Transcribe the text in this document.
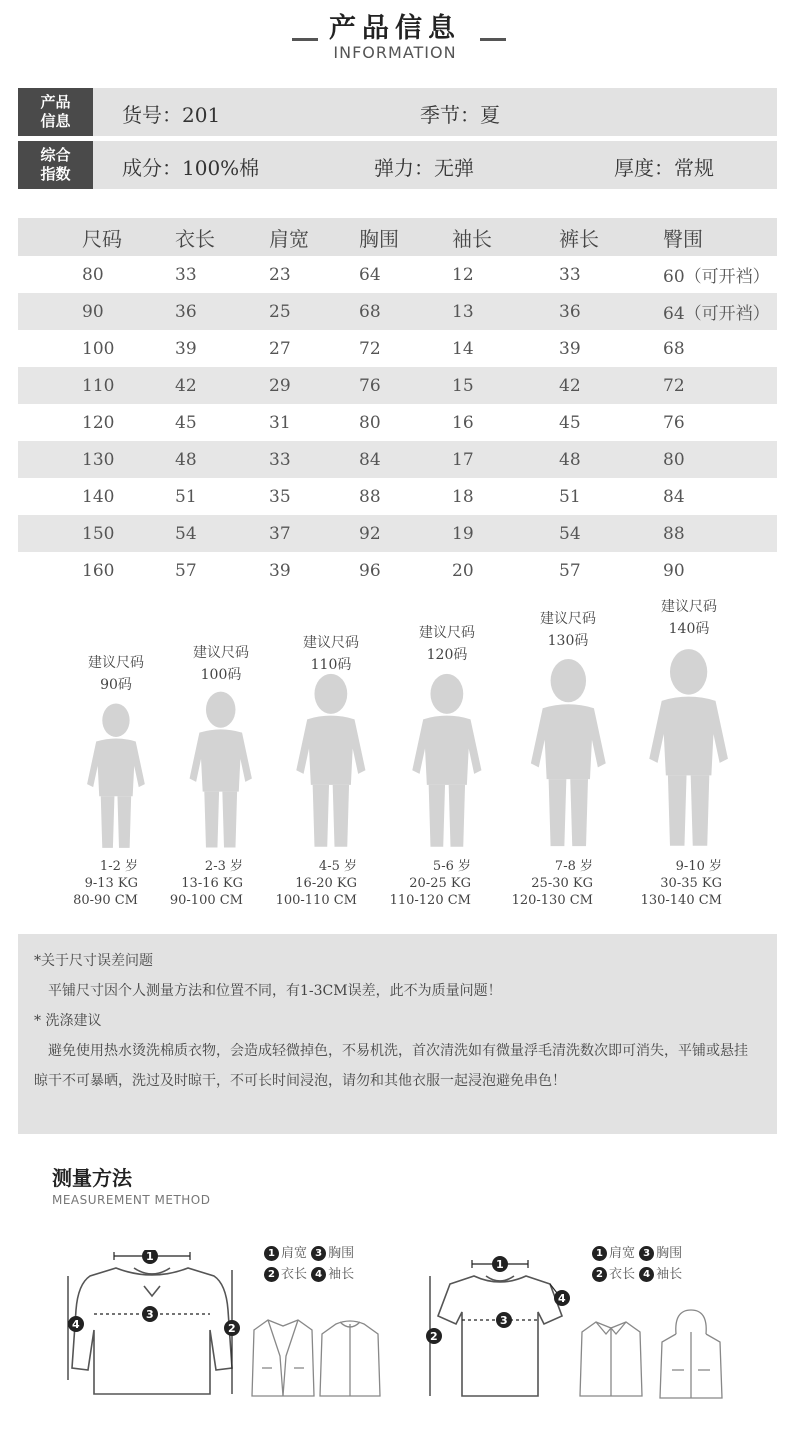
产品信息
INFORMATION
产品
信息	货号：201	季节：夏
综合
指数	成分：100%棉	弹力：无弹	厚度：常规
尺码	衣长	肩宽	胸围	袖长	裤长	臀围
80	33	23	64	12	33	60（可开裆）
90	36	25	68	13	36	64（可开裆）
100	39	27	72	14	39	68
110	42	29	76	15	42	72
120	45	31	80	16	45	76
130	48	33	84	17	48	80
140	51	35	88	18	51	84
150	54	37	92	19	54	88
160	57	39	96	20	57	90
建议尺码
90码
1-2 岁
9-13 KG
80-90 CM
建议尺码
100码
2-3 岁
13-16 KG
90-100 CM
建议尺码
110码
4-5 岁
16-20 KG
100-110 CM
建议尺码
120码
5-6 岁
20-25 KG
110-120 CM
建议尺码
130码
7-8 岁
25-30 KG
120-130 CM
建议尺码
140码
9-10 岁
30-35 KG
130-140 CM

*关于尺寸误差问题

平铺尺寸因个人测量方法和位置不同，有1-3CM误差，此不为质量问题！

* 洗涤建议

避免使用热水烫洗棉质衣物，会造成轻微掉色，不易机洗，首次清洗如有微量浮毛清洗数次即可消失，平铺或悬挂晾干不可暴晒，洗过及时晾干，不可长时间浸泡，请勿和其他衣服一起浸泡避免串色！

测量方法
MEASUREMENT METHOD
1
3
2
4
1 肩宽 3 胸围
2 衣长 4 袖长
1
3
2
4
1 肩宽 3 胸围
2 衣长 4 袖长
